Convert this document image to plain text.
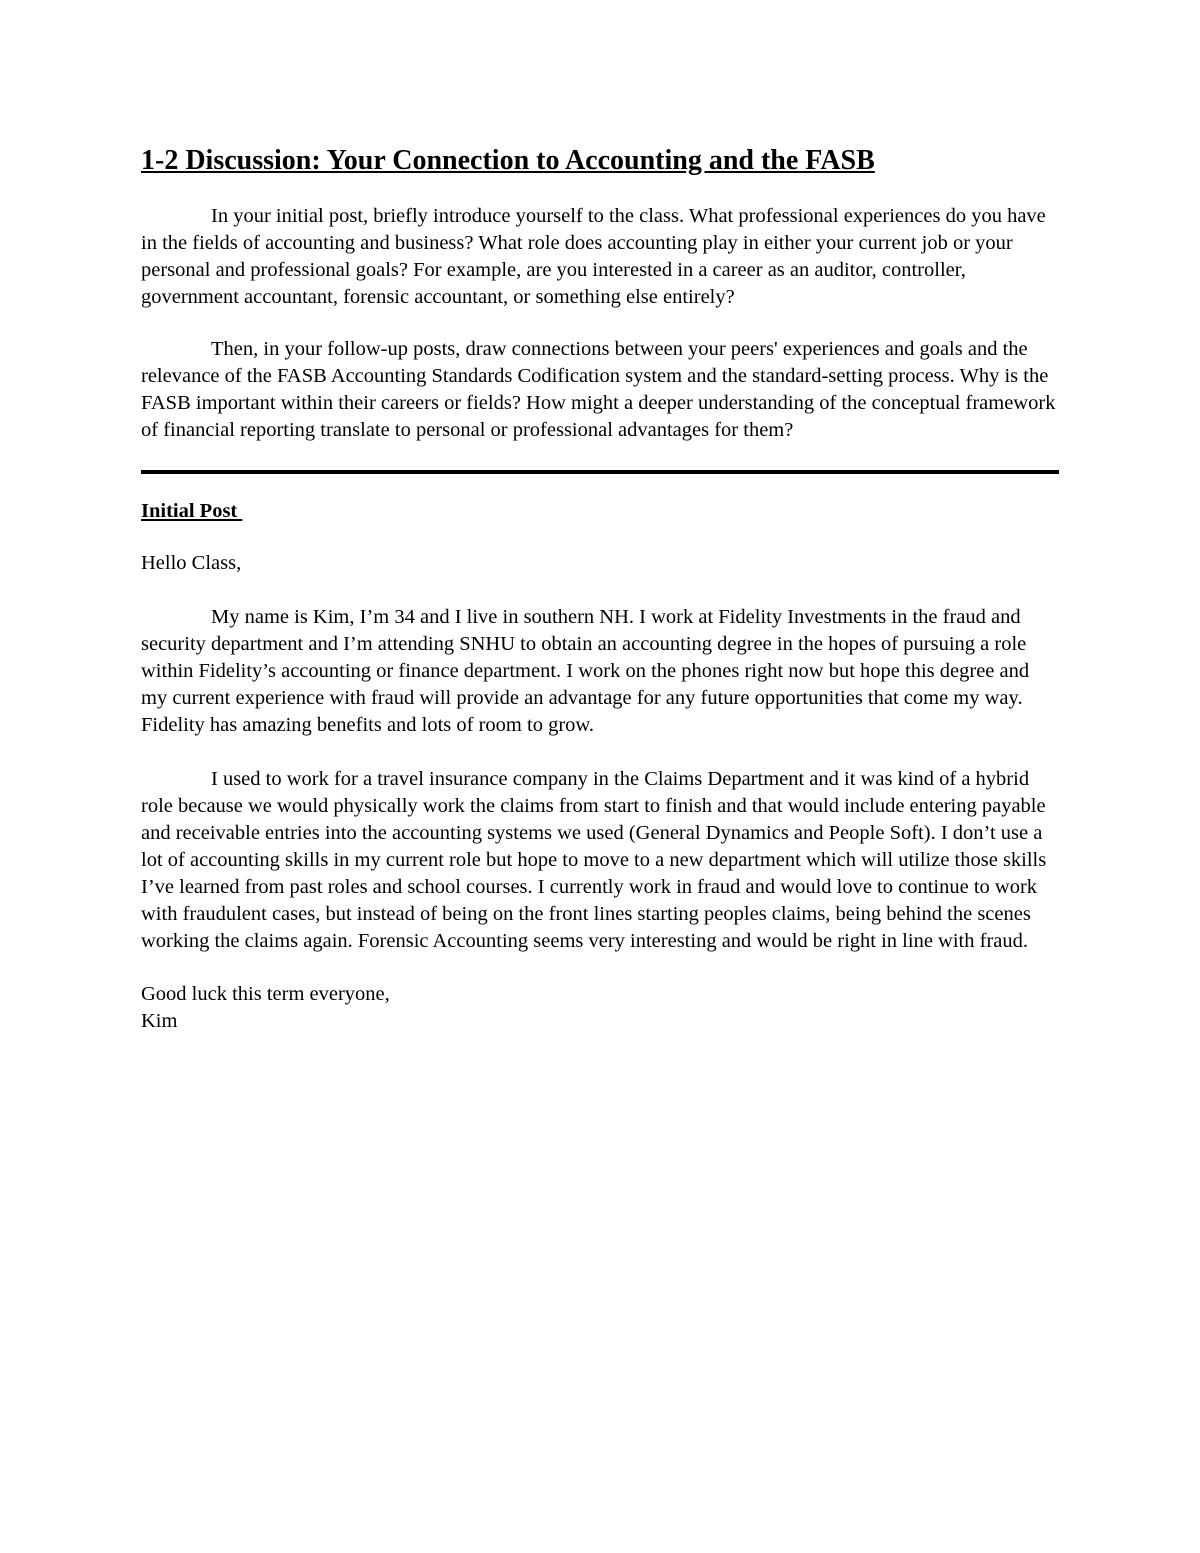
1-2 Discussion: Your Connection to Accounting and the FASB

In your initial post, briefly introduce yourself to the class. What professional experiences do you have in the fields of accounting and business? What role does accounting play in either your current job or your personal and professional goals? For example, are you interested in a career as an auditor, controller, government accountant, forensic accountant, or something else entirely?

Then, in your follow-up posts, draw connections between your peers' experiences and goals and the relevance of the FASB Accounting Standards Codification system and the standard-setting process. Why is the FASB important within their careers or fields? How might a deeper understanding of the conceptual framework of financial reporting translate to personal or professional advantages for them?

Initial Post

Hello Class,

My name is Kim, I’m 34 and I live in southern NH. I work at Fidelity Investments in the fraud and security department and I’m attending SNHU to obtain an accounting degree in the hopes of pursuing a role within Fidelity’s accounting or finance department. I work on the phones right now but hope this degree and my current experience with fraud will provide an advantage for any future opportunities that come my way. Fidelity has amazing benefits and lots of room to grow.

I used to work for a travel insurance company in the Claims Department and it was kind of a hybrid role because we would physically work the claims from start to finish and that would include entering payable and receivable entries into the accounting systems we used (General Dynamics and People Soft). I don’t use a lot of accounting skills in my current role but hope to move to a new department which will utilize those skills I’ve learned from past roles and school courses. I currently work in fraud and would love to continue to work with fraudulent cases, but instead of being on the front lines starting peoples claims, being behind the scenes working the claims again. Forensic Accounting seems very interesting and would be right in line with fraud.

Good luck this term everyone,

Kim
